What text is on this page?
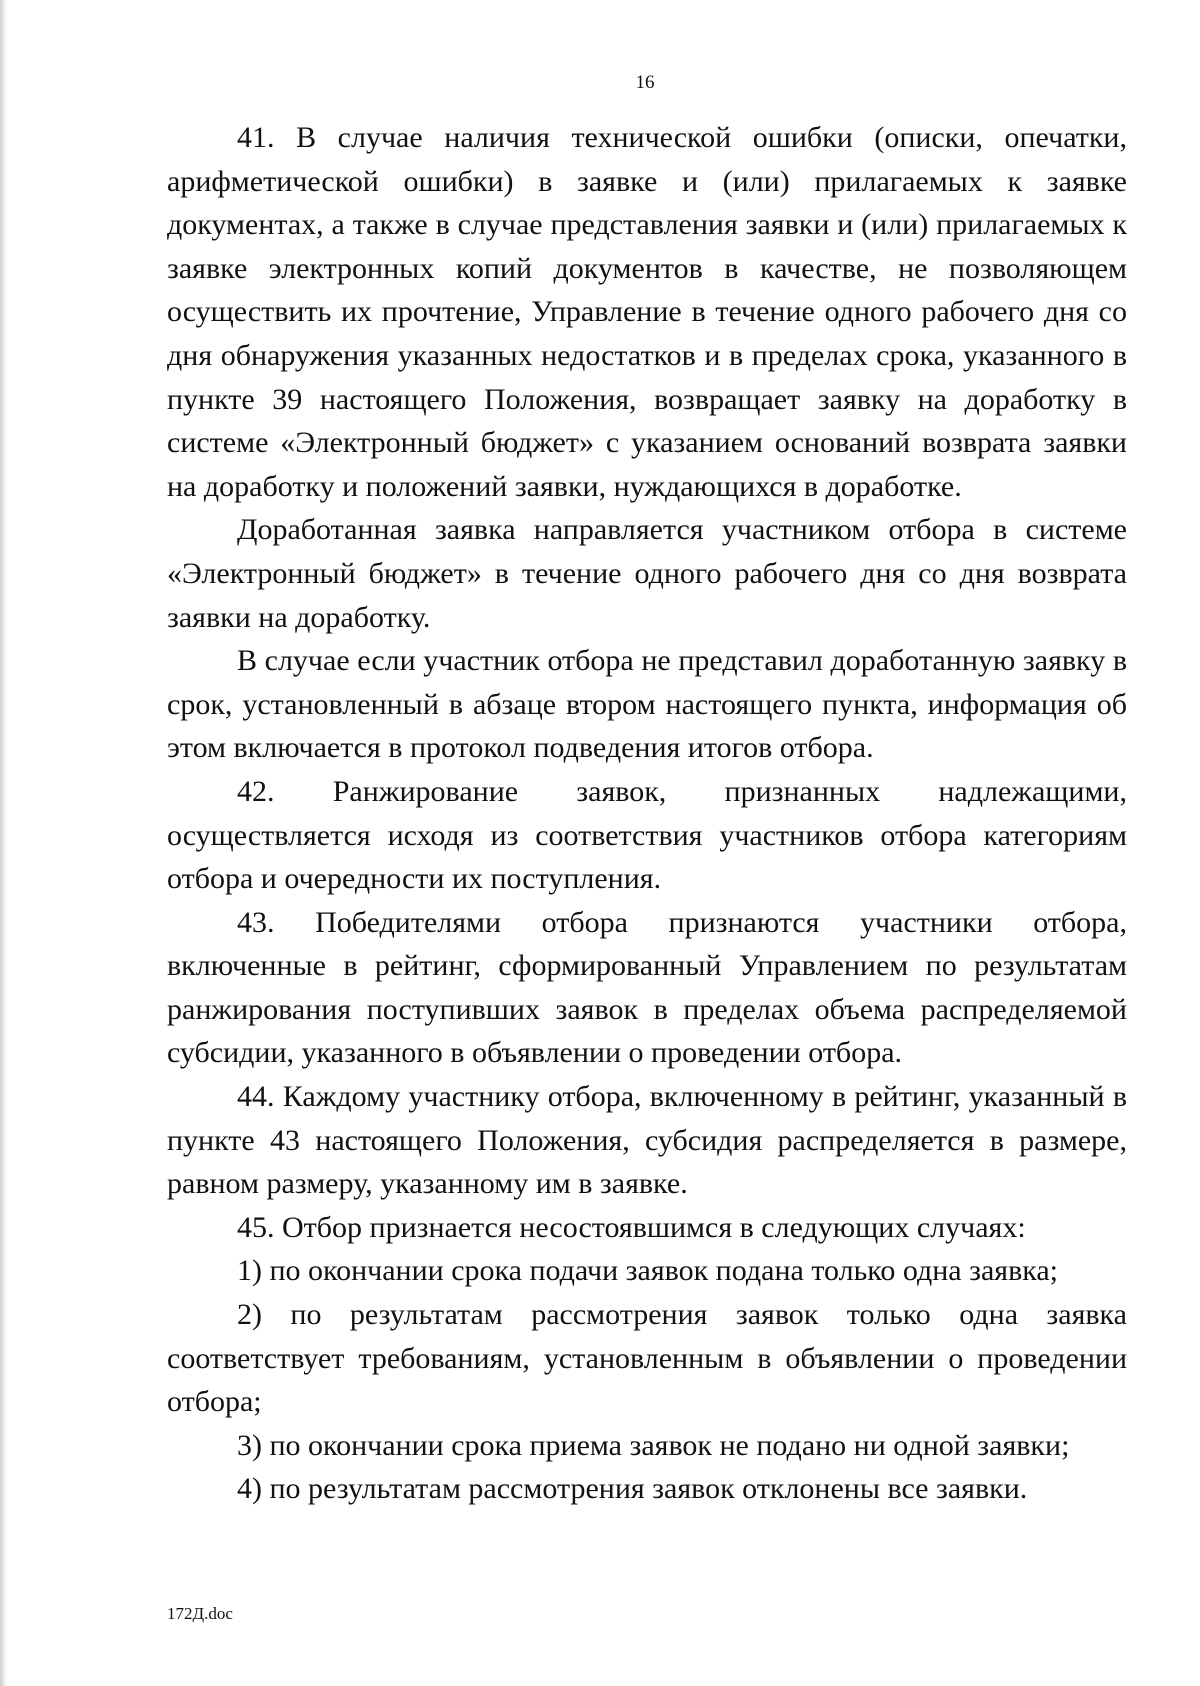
16

41. В случае наличия технической ошибки (описки, опечатки, арифметической ошибки) в заявке и (или) прилагаемых к заявке документах, а также в случае представления заявки и (или) прилагаемых к заявке электронных копий документов в качестве, не позволяющем осуществить их прочтение, Управление в течение одного рабочего дня со дня обнаружения указанных недостатков и в пределах срока, указанного в пункте 39 настоящего Положения, возвращает заявку на доработку в системе «Электронный бюджет» с указанием оснований возврата заявки на доработку и положений заявки, нуждающихся в доработке.

Доработанная заявка направляется участником отбора в системе «Электронный бюджет» в течение одного рабочего дня со дня возврата заявки на доработку.

В случае если участник отбора не представил доработанную заявку в срок, установленный в абзаце втором настоящего пункта, информация об этом включается в протокол подведения итогов отбора.

42. Ранжирование заявок, признанных надлежащими, осуществляется исходя из соответствия участников отбора категориям отбора и очередности их поступления.

43. Победителями отбора признаются участники отбора, включенные в рейтинг, сформированный Управлением по результатам ранжирования поступивших заявок в пределах объема распределяемой субсидии, указанного в объявлении о проведении отбора.

44. Каждому участнику отбора, включенному в рейтинг, указанный в пункте 43 настоящего Положения, субсидия распределяется в размере, равном размеру, указанному им в заявке.

45. Отбор признается несостоявшимся в следующих случаях:

1) по окончании срока подачи заявок подана только одна заявка;

2) по результатам рассмотрения заявок только одна заявка соответствует требованиям, установленным в объявлении о проведении отбора;

3) по окончании срока приема заявок не подано ни одной заявки;

4) по результатам рассмотрения заявок отклонены все заявки.

172Д.doc
